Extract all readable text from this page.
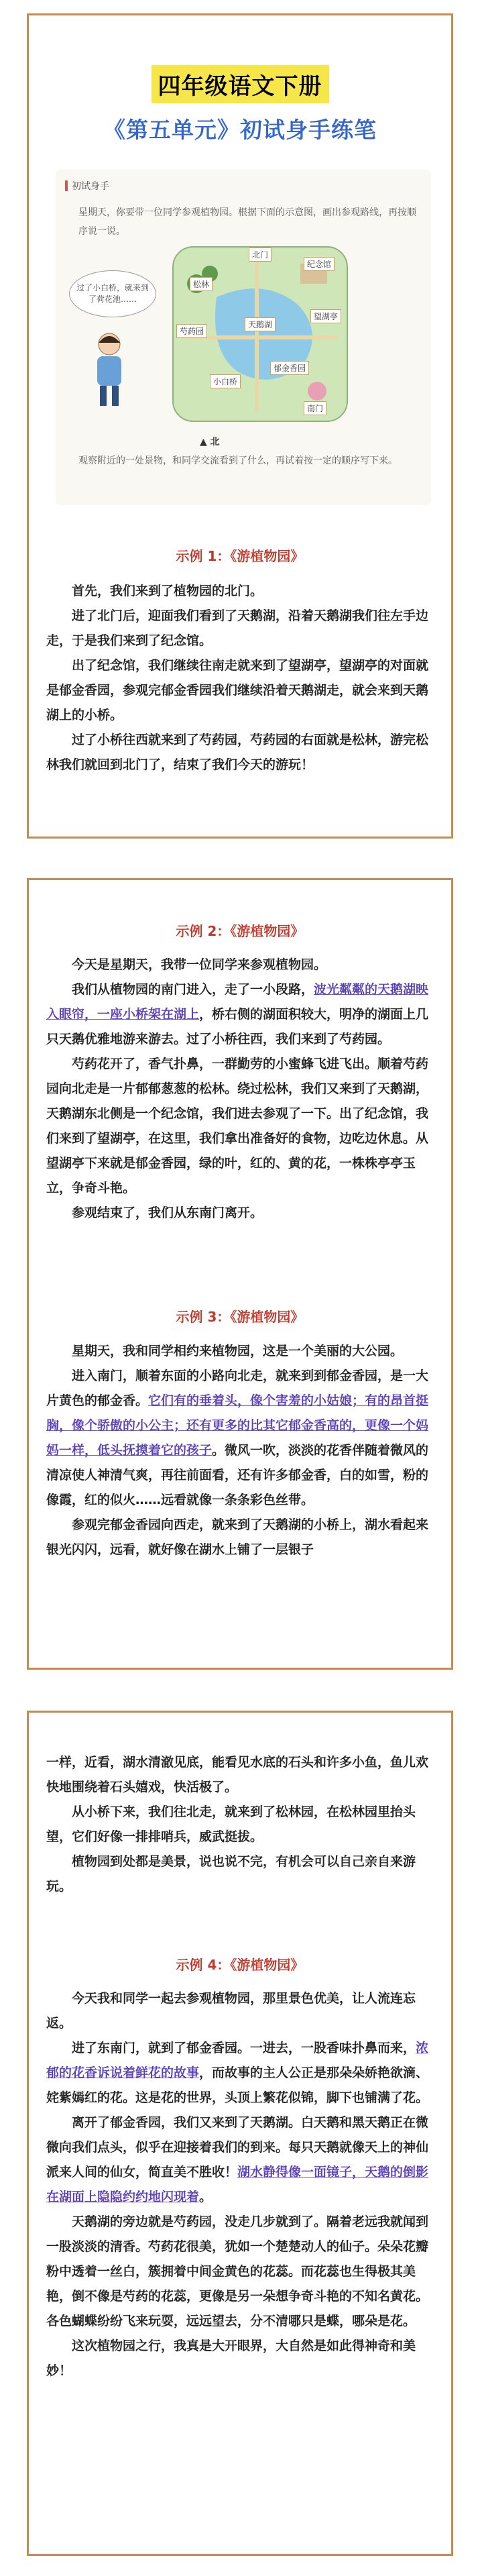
四年级语文下册
《第五单元》初试身手练笔
初试身手
星期天，你要带一位同学参观植物园。根据下面的示意图，画出参观路线，再按顺序说一说。
过了小白桥，就来到了荷花池……
松林
北门
纪念馆
芍药园
天鹅湖
望湖亭
小白桥
郁金香园
南门
▲ 北
观察附近的一处景物，和同学交流看到了什么，再试着按一定的顺序写下来。
示例 1：《游植物园》

首先，我们来到了植物园的北门。

进了北门后，迎面我们看到了天鹅湖，沿着天鹅湖我们往左手边走，于是我们来到了纪念馆。

出了纪念馆，我们继续往南走就来到了望湖亭，望湖亭的对面就是郁金香园，参观完郁金香园我们继续沿着天鹅湖走，就会来到天鹅湖上的小桥。

过了小桥往西就来到了芍药园，芍药园的右面就是松林，游完松林我们就回到北门了，结束了我们今天的游玩！

示例 2：《游植物园》

今天是星期天，我带一位同学来参观植物园。

我们从植物园的南门进入，走了一小段路，波光粼粼的天鹅湖映入眼帘，一座小桥架在湖上，桥右侧的湖面积较大，明净的湖面上几只天鹅优雅地游来游去。过了小桥往西，我们来到了芍药园。

芍药花开了，香气扑鼻，一群勤劳的小蜜蜂飞进飞出。顺着芍药园向北走是一片郁郁葱葱的松林。绕过松林，我们又来到了天鹅湖，天鹅湖东北侧是一个纪念馆，我们进去参观了一下。出了纪念馆，我们来到了望湖亭，在这里，我们拿出准备好的食物，边吃边休息。从望湖亭下来就是郁金香园，绿的叶，红的、黄的花，一株株亭亭玉立，争奇斗艳。

参观结束了，我们从东南门离开。

示例 3：《游植物园》

星期天，我和同学相约来植物园，这是一个美丽的大公园。

进入南门，顺着东面的小路向北走，就来到到郁金香园，是一大片黄色的郁金香。它们有的垂着头，像个害羞的小姑娘；有的昂首挺胸，像个骄傲的小公主；还有更多的比其它郁金香高的，更像一个妈妈一样，低头抚摸着它的孩子。微风一吹，淡淡的花香伴随着微风的清凉使人神清气爽，再往前面看，还有许多郁金香，白的如雪，粉的像霞，红的似火……远看就像一条条彩色丝带。

参观完郁金香园向西走，就来到了天鹅湖的小桥上，湖水看起来银光闪闪，远看，就好像在湖水上铺了一层银子

一样，近看，湖水清澈见底，能看见水底的石头和许多小鱼，鱼儿欢快地围绕着石头嬉戏，快活极了。

从小桥下来，我们往北走，就来到了松林园，在松林园里抬头望，它们好像一排排哨兵，威武挺拔。

植物园到处都是美景，说也说不完，有机会可以自己亲自来游玩。

示例 4：《游植物园》

今天我和同学一起去参观植物园，那里景色优美，让人流连忘返。

进了东南门，就到了郁金香园。一进去，一股香味扑鼻而来，浓郁的花香诉说着鲜花的故事，而故事的主人公正是那朵朵娇艳欲滴、姹紫嫣红的花。这是花的世界，头顶上繁花似锦，脚下也铺满了花。

离开了郁金香园，我们又来到了天鹅湖。白天鹅和黑天鹅正在微微向我们点头，似乎在迎接着我们的到来。每只天鹅就像天上的神仙派来人间的仙女，简直美不胜收！湖水静得像一面镜子，天鹅的倒影在湖面上隐隐约约地闪现着。

天鹅湖的旁边就是芍药园，没走几步就到了。隔着老远我就闻到一股淡淡的清香。芍药花很美，犹如一个楚楚动人的仙子。朵朵花瓣粉中透着一丝白，簇拥着中间金黄色的花蕊。而花蕊也生得极其美艳，倒不像是芍药的花蕊，更像是另一朵想争奇斗艳的不知名黄花。各色蝴蝶纷纷飞来玩耍，远远望去，分不清哪只是蝶，哪朵是花。

这次植物园之行，我真是大开眼界，大自然是如此得神奇和美妙！
